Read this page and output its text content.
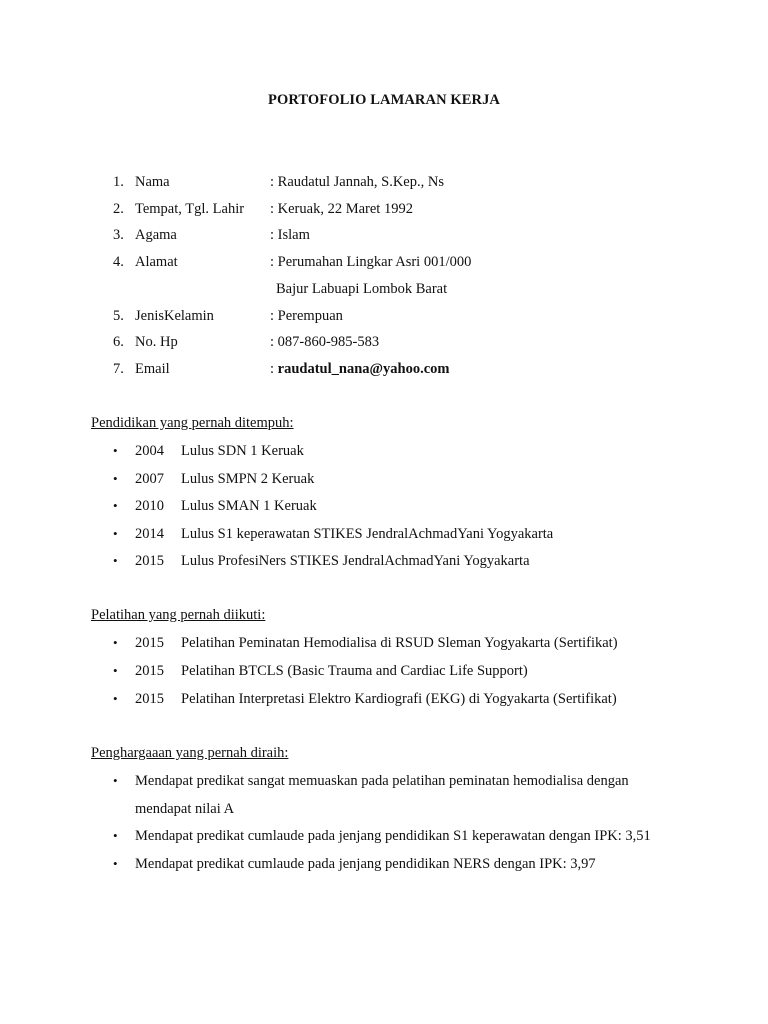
PORTOFOLIO LAMARAN KERJA
1. Nama	: Raudatul Jannah, S.Kep., Ns
2. Tempat, Tgl. Lahir : Keruak, 22 Maret 1992
3. Agama	: Islam
4. Alamat	: Perumahan Lingkar Asri 001/000
Bajur Labuapi Lombok Barat
5. JenisKelamin	: Perempuan
6. No. Hp	: 087-860-985-583
7. Email	: raudatul_nana@yahoo.com
Pendidikan yang pernah ditempuh:
• 2004 Lulus SDN 1 Keruak
• 2007 Lulus SMPN 2 Keruak
• 2010 Lulus SMAN 1 Keruak
• 2014 Lulus S1 keperawatan STIKES JendralAchmadYani Yogyakarta
• 2015 Lulus ProfesiNers STIKES JendralAchmadYani Yogyakarta
Pelatihan yang pernah diikuti:
• 2015 Pelatihan Peminatan Hemodialisa di RSUD Sleman Yogyakarta (Sertifikat)
• 2015 Pelatihan BTCLS (Basic Trauma and Cardiac Life Support)
• 2015 Pelatihan Interpretasi Elektro Kardiografi (EKG) di Yogyakarta (Sertifikat)
Penghargaaan yang pernah diraih:
• Mendapat predikat sangat memuaskan pada pelatihan peminatan hemodialisa dengan
mendapat nilai A
• Mendapat predikat cumlaude pada jenjang pendidikan S1 keperawatan dengan IPK: 3,51
• Mendapat predikat cumlaude pada jenjang pendidikan NERS dengan IPK: 3,97
